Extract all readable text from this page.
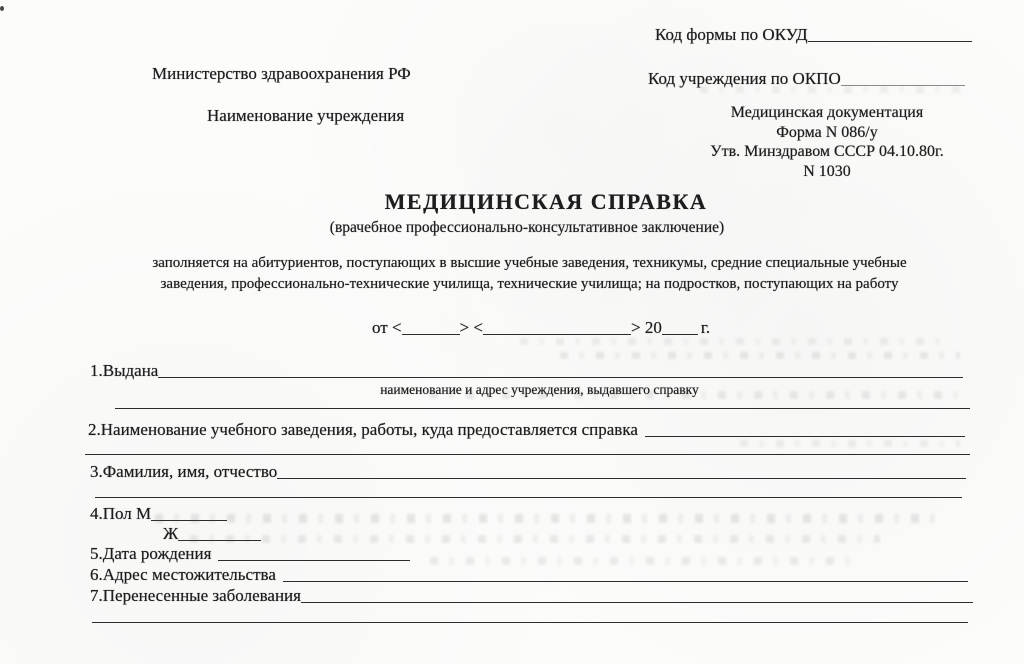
Код формы по ОКУД
Министерство здравоохранения РФ	Код учреждения по ОКПО
Наименование учреждения	Медицинская документация
Форма N 086/у
Утв. Минздравом СССР 04.10.80г.
N 1030
МЕДИЦИНСКАЯ СПРАВКА
(врачебное профессионально-консультативное заключение)
заполняется на абитуриентов, поступающих в высшие учебные заведения, техникумы, средние специальные учебные
заведения, профессионально-технические училища, технические училища; на подростков, поступающих на работу
от <	> <	> 20 г.
1.Выдана
наименование и адрес учреждения, выдавшего справку
2.Наименование учебного заведения, работы, куда предоставляется справка
3.Фамилия, имя, отчество
4.Пол М
Ж
5.Дата рождения
6.Адрес местожительства
7.Перенесенные заболевания
